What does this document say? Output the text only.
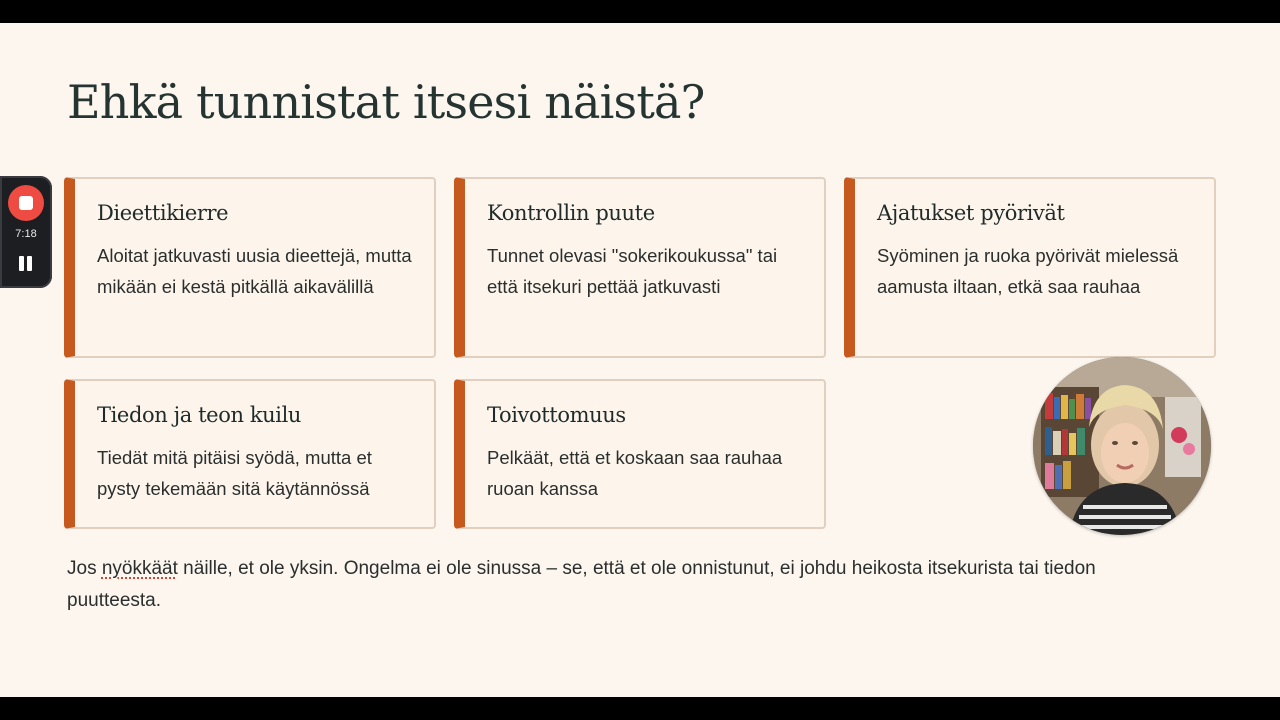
Ehkä tunnistat itsesi näistä?
Dieettikierre

Aloitat jatkuvasti uusia dieettejä, mutta mikään ei kestä pitkällä aikavälillä

Kontrollin puute

Tunnet olevasi "sokerikoukussa" tai että itsekuri pettää jatkuvasti

Ajatukset pyörivät

Syöminen ja ruoka pyörivät mielessä aamusta iltaan, etkä saa rauhaa

Tiedon ja teon kuilu

Tiedät mitä pitäisi syödä, mutta et pysty tekemään sitä käytännössä

Toivottomuus

Pelkäät, että et koskaan saa rauhaa ruoan kanssa

Jos nyökkäät näille, et ole yksin. Ongelma ei ole sinussa – se, että et ole onnistunut, ei johdu heikosta itsekurista tai tiedon puutteesta.

7:18
